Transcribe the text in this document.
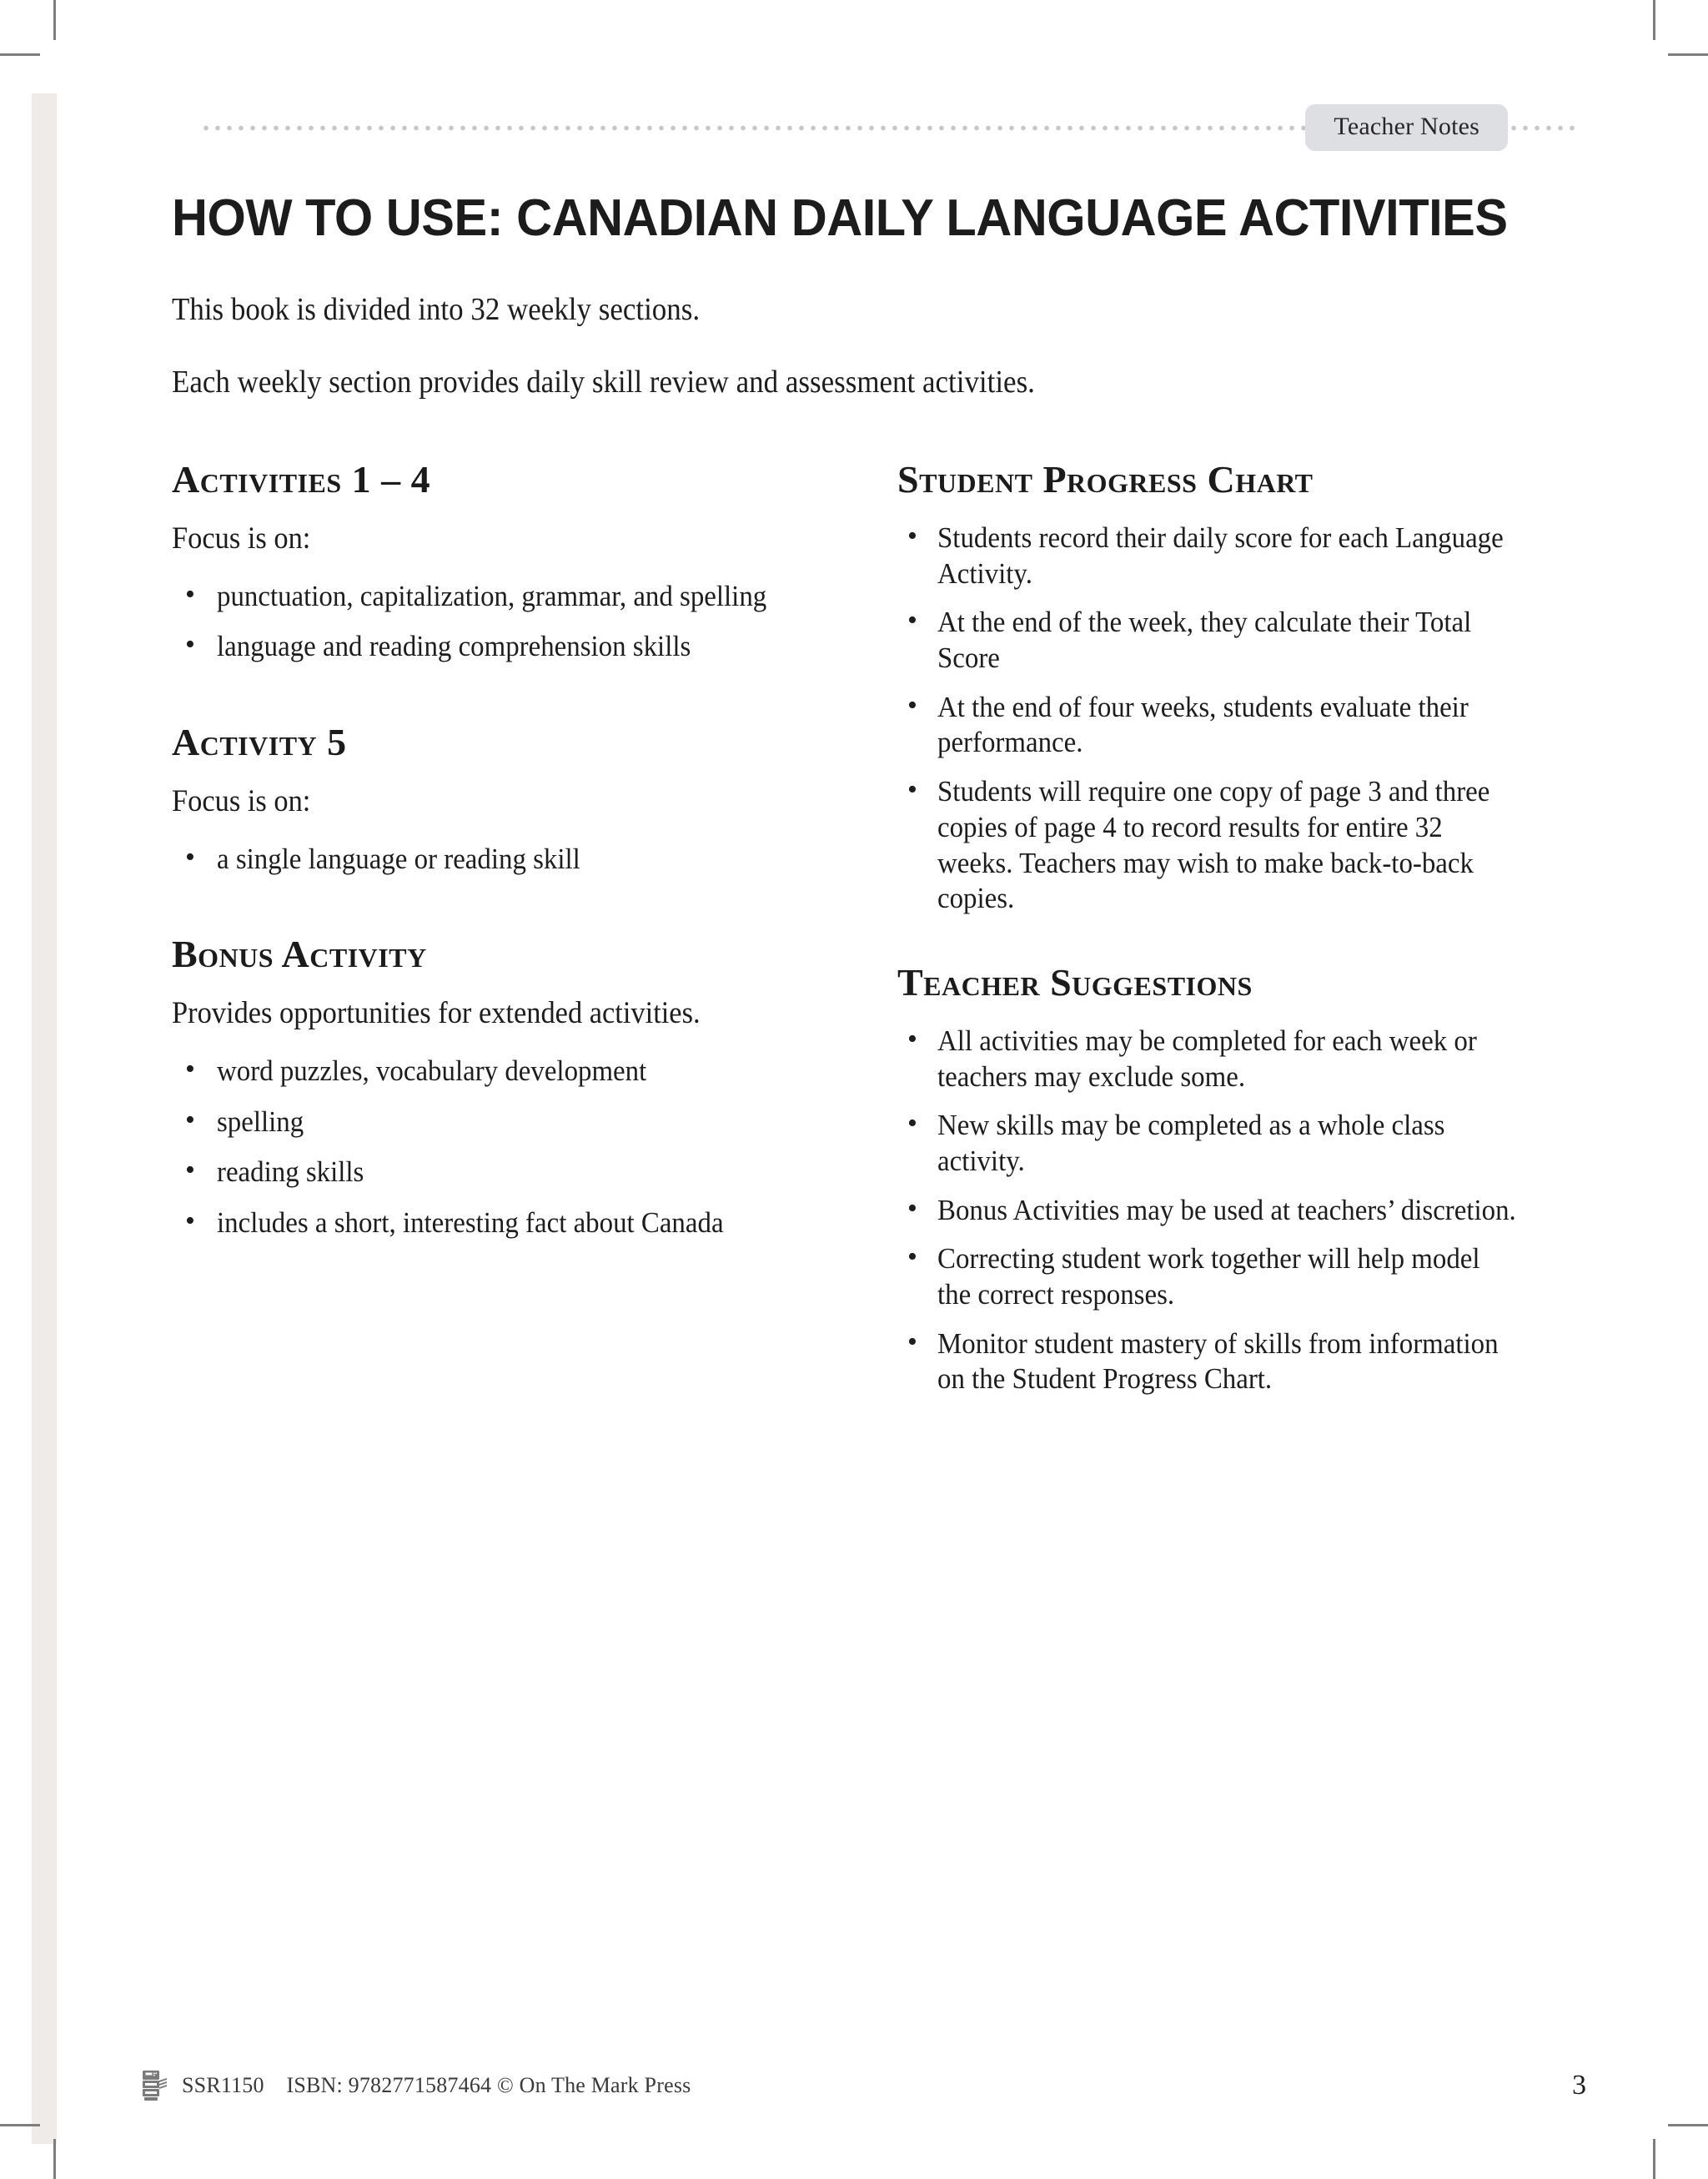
Teacher Notes
HOW TO USE: CANADIAN DAILY LANGUAGE ACTIVITIES

This book is divided into 32 weekly sections.

Each weekly section provides daily skill review and assessment activities.

Activities 1 – 4

Focus is on:

• punctuation, capitalization, grammar, and spelling
• language and reading comprehension skills
Activity 5

Focus is on:

• a single language or reading skill
Bonus Activity

Provides opportunities for extended activities.

• word puzzles, vocabulary development
• spelling
• reading skills
• includes a short, interesting fact about Canada
Student Progress Chart
• Students record their daily score for each Language Activity.
• At the end of the week, they calculate their Total Score
• At the end of four weeks, students evaluate their performance.
• Students will require one copy of page 3 and three copies of page 4 to record results for entire 32 weeks. Teachers may wish to make back-to-back copies.
Teacher Suggestions
• All activities may be completed for each week or teachers may exclude some.
• New skills may be completed as a whole class activity.
• Bonus Activities may be used at teachers’ discretion.
• Correcting student work together will help model the correct responses.
• Monitor student mastery of skills from information on the Student Progress Chart.
SSR1150    ISBN: 9782771587464 © On The Mark Press	3
